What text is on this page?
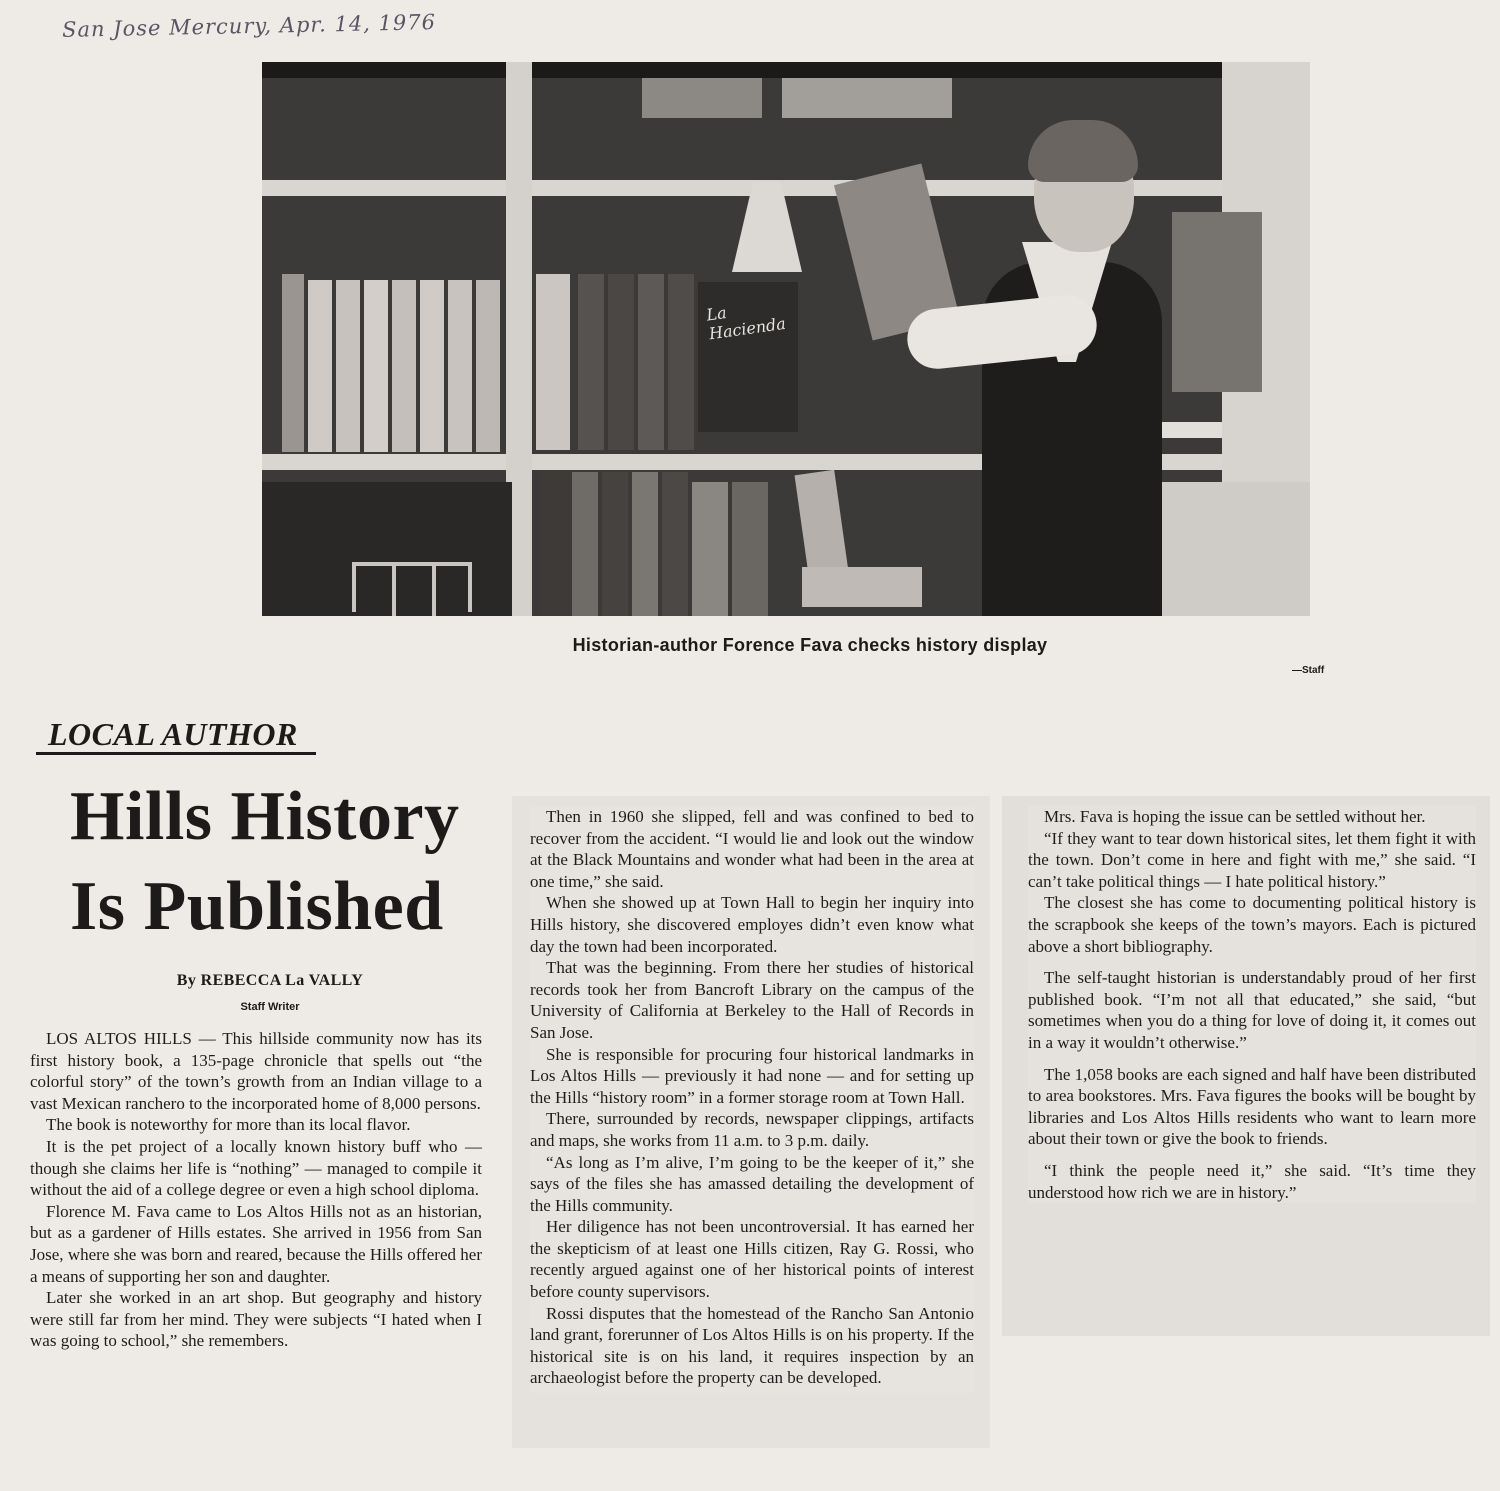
San Jose Mercury, Apr. 14, 1976
La Hacienda
Historian-author Forence Fava checks history display
—Staff
LOCAL AUTHOR
Hills History
Is Published
By REBECCA La VALLY
Staff Writer

LOS ALTOS HILLS — This hillside community now has its first history book, a 135-page chronicle that spells out “the colorful story” of the town’s growth from an Indian village to a vast Mexican ranchero to the incorporated home of 8,000 persons.

The book is noteworthy for more than its local flavor.

It is the pet project of a locally known history buff who — though she claims her life is “nothing” — managed to compile it without the aid of a college degree or even a high school diploma.

Florence M. Fava came to Los Altos Hills not as an historian, but as a gardener of Hills estates. She arrived in 1956 from San Jose, where she was born and reared, because the Hills offered her a means of supporting her son and daughter.

Later she worked in an art shop. But geography and history were still far from her mind. They were subjects “I hated when I was going to school,” she remembers.

Then in 1960 she slipped, fell and was confined to bed to recover from the accident. “I would lie and look out the window at the Black Mountains and wonder what had been in the area at one time,” she said.

When she showed up at Town Hall to begin her inquiry into Hills history, she discovered employes didn’t even know what day the town had been incorporated.

That was the beginning. From there her studies of historical records took her from Bancroft Library on the campus of the University of California at Berkeley to the Hall of Records in San Jose.

She is responsible for procuring four historical landmarks in Los Altos Hills — previously it had none — and for setting up the Hills “history room” in a former storage room at Town Hall.

There, surrounded by records, newspaper clippings, artifacts and maps, she works from 11 a.m. to 3 p.m. daily.

“As long as I’m alive, I’m going to be the keeper of it,” she says of the files she has amassed detailing the development of the Hills community.

Her diligence has not been uncontroversial. It has earned her the skepticism of at least one Hills citizen, Ray G. Rossi, who recently argued against one of her historical points of interest before county supervisors.

Rossi disputes that the homestead of the Rancho San Antonio land grant, forerunner of Los Altos Hills is on his property. If the historical site is on his land, it requires inspection by an archaeologist before the property can be developed.

Mrs. Fava is hoping the issue can be settled without her.

“If they want to tear down historical sites, let them fight it with the town. Don’t come in here and fight with me,” she said. “I can’t take political things — I hate political history.”

The closest she has come to documenting political history is the scrapbook she keeps of the town’s mayors. Each is pictured above a short bibliography.

The self-taught historian is understandably proud of her first published book. “I’m not all that educated,” she said, “but sometimes when you do a thing for love of doing it, it comes out in a way it wouldn’t otherwise.”

The 1,058 books are each signed and half have been distributed to area bookstores. Mrs. Fava figures the books will be bought by libraries and Los Altos Hills residents who want to learn more about their town or give the book to friends.

“I think the people need it,” she said. “It’s time they understood how rich we are in history.”
